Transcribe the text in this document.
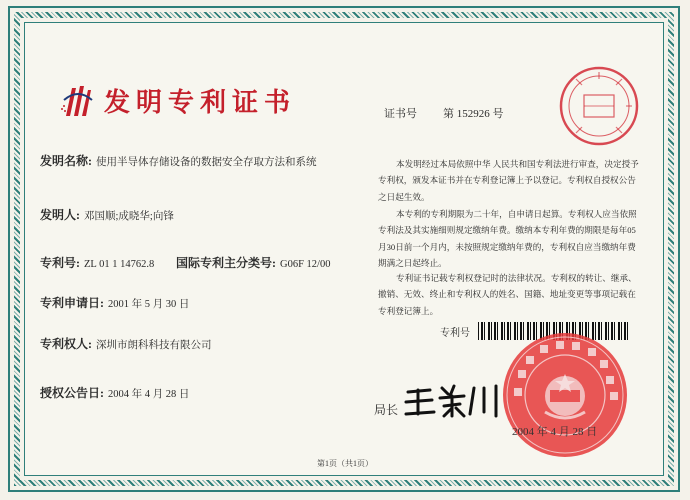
发明专利证书
发明名称: 使用半导体存储设备的数据安全存取方法和系统
发明人: 邓国顺;成晓华;向锋
专利号: ZL 01 1 14762.8 国际专利主分类号: G06F 12/00
专利申请日: 2001 年 5 月 30 日
专利权人: 深圳市朗科科技有限公司
授权公告日: 2004 年 4 月 28 日
证书号 第 152926 号

本发明经过本局依照中华 人民共和国专利法进行审查，决定授予专利权，颁发本证书并在专利登记簿上予以登记。专利权自授权公告之日起生效。

本专利的专利期限为二十年，自申请日起算。专利权人应当依照专利法及其实施细则规定缴纳年费。缴纳本专利年费的期限是每年05月30日前一个月内，未按照规定缴纳年费的，专利权自应当缴纳年费期满之日起终止。

专利证书记载专利权登记时的法律状况。专利权的转让、继承、撤销、无效、终止和专利权人的姓名、国籍、地址变更等事项记载在专利登记簿上。

专利号
局长
2004 年 4 月 28 日
第1页（共1页）
